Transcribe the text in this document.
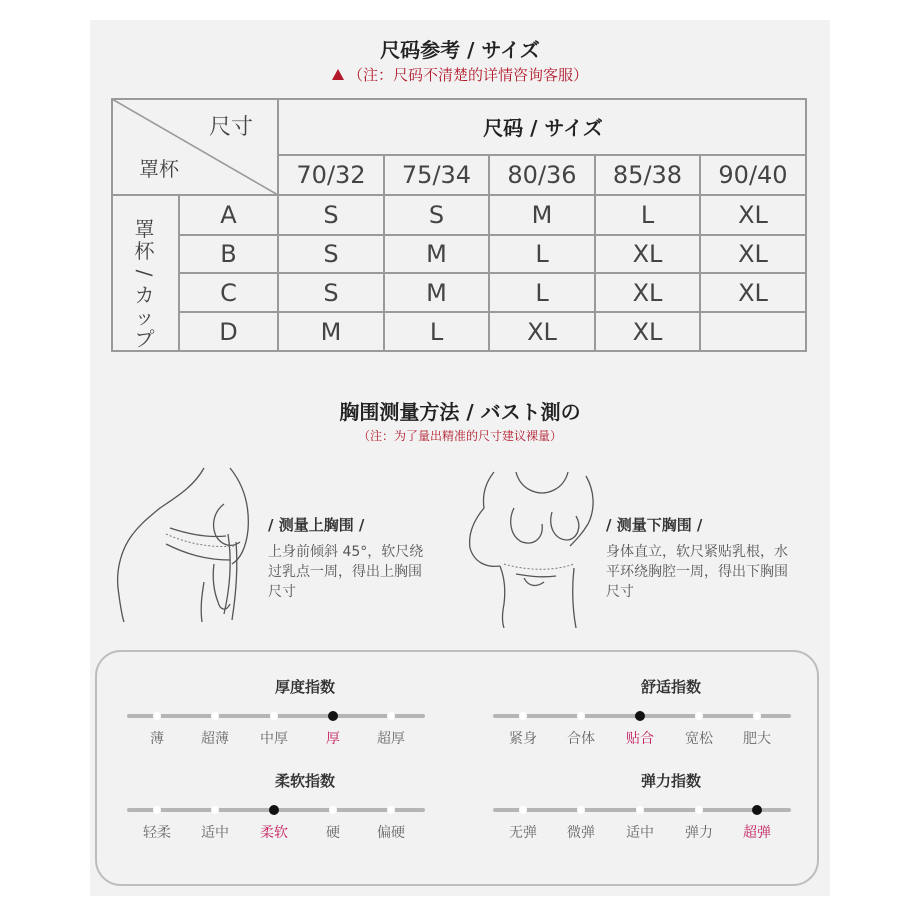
尺码参考 / サイズ
（注：尺码不清楚的详情咨询客服）
尺寸
罩杯
尺码 / サイズ
70/32	75/34	80/36	85/38	90/40
罩
杯
/
カ
ッ
プ
A	S	S	M	L	XL
B	S	M	L	XL	XL
C	S	M	L	XL	XL
D	M	L	XL	XL
胸围测量方法 / バスト測の
（注：为了量出精准的尺寸建议裸量）
/ 测量上胸围 /
上身前倾斜 45°，软尺绕
过乳点一周，得出上胸围
尺寸
/ 测量下胸围 /
身体直立，软尺紧贴乳根，水
平环绕胸腔一周，得出下胸围
尺寸
厚度指数
薄	超薄	中厚	厚	超厚
舒适指数
紧身	合体	贴合	宽松	肥大
柔软指数
轻柔	适中	柔软	硬	偏硬
弹力指数
无弹	微弹	适中	弹力	超弹
